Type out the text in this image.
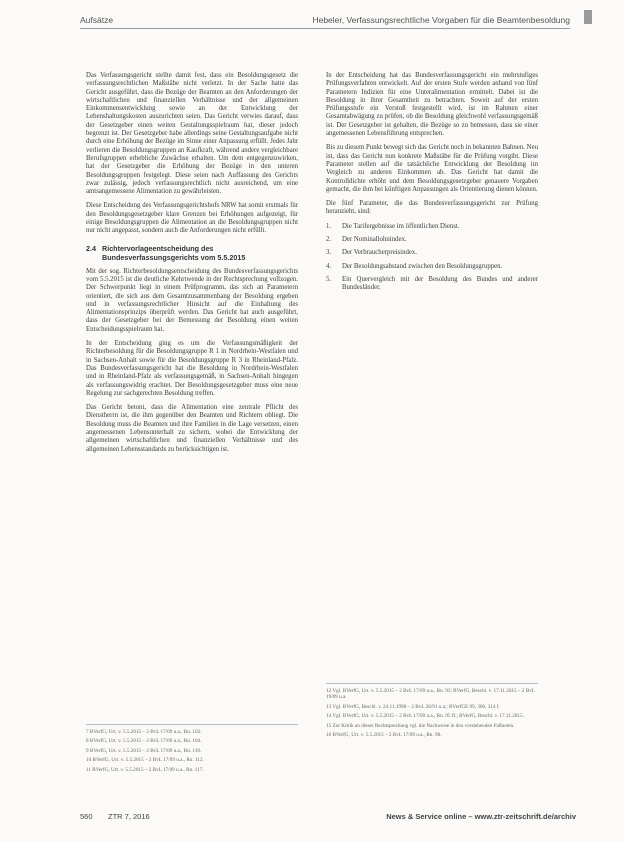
Aufsätze	Hebeler, Verfassungsrechtliche Vorgaben für die Beamtenbesoldung

Das Verfassungsgericht stellte damit fest, dass ein Besoldungsgesetz die verfassungsrechtlichen Maßstäbe nicht verletzt. In der Sache hatte das Gericht ausgeführt, dass die Bezüge der Beamten an den Anforderungen der wirtschaftlichen und finanziellen Verhältnisse und der allgemeinen Einkommensentwicklung sowie an der Entwicklung der Lebenshaltungskosten auszurichten seien. Das Gericht verwies darauf, dass der Gesetzgeber einen weiten Gestaltungsspielraum hat, dieser jedoch begrenzt ist. Der Gesetzgeber habe allerdings seine Gestaltungsaufgabe nicht durch eine Erhöhung der Bezüge im Sinne einer Anpassung erfüllt. Jedes Jahr verlieren die Besoldungsgruppen an Kaufkraft, während andere vergleichbare Berufsgruppen erhebliche Zuwächse erhalten. Um dem entgegenzuwirken, hat der Gesetzgeber die Erhöhung der Bezüge in den unteren Besoldungsgruppen festgelegt. Diese seien nach Auffassung des Gerichts zwar zulässig, jedoch verfassungsrechtlich nicht ausreichend, um eine amtsangemessene Alimentation zu gewährleisten.

Diese Entscheidung des Verfassungsgerichtshofs NRW hat somit erstmals für den Besoldungsgesetzgeber klare Grenzen bei Erhöhungen aufgezeigt, für einige Besoldungsgruppen die Alimentation an die Besoldungsgruppen nicht nur nicht angepasst, sondern auch die Anforderungen nicht erfüllt.

2.4 Richtervorlageentscheidung des
Bundesverfassungsgerichts vom 5.5.2015

Mit der sog. Richterbesoldungsentscheidung des Bundesverfassungsgerichts vom 5.5.2015 ist die deutliche Kehrtwende in der Rechtsprechung vollzogen. Der Schwerpunkt liegt in einem Prüfprogramm, das sich an Parametern orientiert, die sich aus dem Gesamtzusammenhang der Besoldung ergeben und in verfassungsrechtlicher Hinsicht auf die Einhaltung des Alimentationsprinzips überprüft werden. Das Gericht hat auch ausgeführt, dass der Gesetzgeber bei der Bemessung der Besoldung einen weiten Entscheidungsspielraum hat.

In der Entscheidung ging es um die Verfassungsmäßigkeit der Richterbesoldung für die Besoldungsgruppe R 1 in Nordrhein-Westfalen und in Sachsen-Anhalt sowie für die Besoldungsgruppe R 3 in Rheinland-Pfalz. Das Bundesverfassungsgericht hat die Besoldung in Nordrhein-Westfalen und in Rheinland-Pfalz als verfassungsgemäß, in Sachsen-Anhalt hingegen als verfassungswidrig erachtet. Der Besoldungsgesetzgeber muss eine neue Regelung zur sachgerechten Besoldung treffen.

Das Gericht betont, dass die Alimentation eine zentrale Pflicht des Dienstherrn ist, die ihm gegenüber den Beamten und Richtern obliegt. Die Besoldung muss die Beamten und ihre Familien in die Lage versetzen, einen angemessenen Lebensunterhalt zu sichern, wobei die Entwicklung der allgemeinen wirtschaftlichen und finanziellen Verhältnisse und des allgemeinen Lebensstandards zu berücksichtigen ist.

In der Entscheidung hat das Bundesverfassungsgericht ein mehrstufiges Prüfungsverfahren entwickelt. Auf der ersten Stufe werden anhand von fünf Parametern Indizien für eine Unteralimentation ermittelt. Dabei ist die Besoldung in ihrer Gesamtheit zu betrachten. Soweit auf der ersten Prüfungsstufe ein Verstoß festgestellt wird, ist im Rahmen einer Gesamtabwägung zu prüfen, ob die Besoldung gleichwohl verfassungsgemäß ist. Der Gesetzgeber ist gehalten, die Bezüge so zu bemessen, dass sie einer angemessenen Lebensführung entsprechen.

Bis zu diesem Punkt bewegt sich das Gericht noch in bekannten Bahnen. Neu ist, dass das Gericht nun konkrete Maßstäbe für die Prüfung vorgibt. Diese Parameter stellen auf die tatsächliche Entwicklung der Besoldung im Vergleich zu anderen Einkommen ab. Das Gericht hat damit die Kontrolldichte erhöht und dem Besoldungsgesetzgeber genauere Vorgaben gemacht, die ihm bei künftigen Anpassungen als Orientierung dienen können.

Die fünf Parameter, die das Bundesverfassungsgericht zur Prüfung heranzieht, sind:

1. Die Tarifergebnisse im öffentlichen Dienst.
2. Der Nominallohnindex.
3. Der Verbraucherpreisindex.
4. Der Besoldungsabstand zwischen den Besoldungsgruppen.
5. Ein Quervergleich mit der Besoldung des Bundes und anderer Bundesländer.
7 BVerfG, Urt. v. 5.5.2015 – 2 BvL 17/09 u.a., Rn. 102.
8 BVerfG, Urt. v. 5.5.2015 – 2 BvL 17/09 u.a., Rn. 104.
9 BVerfG, Urt. v. 5.5.2015 – 2 BvL 17/09 u.a., Rn. 110.
10 BVerfG, Urt. v. 5.5.2015 – 2 BvL 17/09 u.a., Rn. 112.
11 BVerfG, Urt. v. 5.5.2015 – 2 BvL 17/09 u.a., Rn. 117.
12 Vgl. BVerfG, Urt. v. 5.5.2015 – 2 BvL 17/09 u.a., Rn. 93; BVerfG, Beschl. v. 17.11.2015 – 2 BvL 19/09 u.a.
13 Vgl. BVerfG, Beschl. v. 24.11.1998 – 2 BvL 26/91 u.a.; BVerfGE 99, 300, 314 f.
14 Vgl. BVerfG, Urt. v. 5.5.2015 – 2 BvL 17/09 u.a., Rn. 95 ff.; BVerfG, Beschl. v. 17.11.2015.
15 Zur Kritik an dieser Rechtsprechung vgl. die Nachweise in den vorstehenden Fußnoten.
16 BVerfG, Urt. v. 5.5.2015 – 2 BvL 17/09 u.a., Rn. 98.
560 ZTR 7, 2016	News & Service online – www.ztr-zeitschrift.de/archiv
